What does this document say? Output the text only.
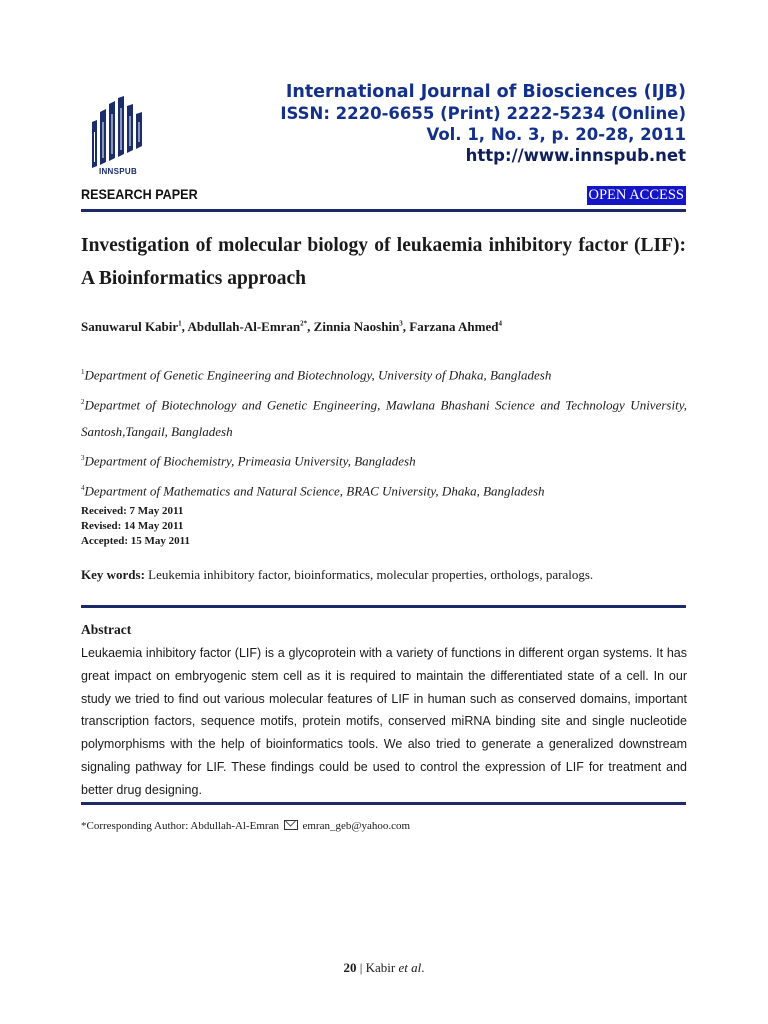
INNSPUB
International Journal of Biosciences (IJB)
ISSN: 2220-6655 (Print) 2222-5234 (Online)
Vol. 1, No. 3, p. 20-28, 2011
http://www.innspub.net
RESEARCH PAPER	OPEN ACCESS
Investigation of molecular biology of leukaemia inhibitory factor (LIF): A Bioinformatics approach
Sanuwarul Kabir$^1$, Abdullah-Al-Emran$^{2*}$, Zinnia Naoshin$^3$, Farzana Ahmed$^4$
$^1$Department of Genetic Engineering and Biotechnology, University of Dhaka, Bangladesh
$^2$Departmet of Biotechnology and Genetic Engineering, Mawlana Bhashani Science and Technology University, Santosh,Tangail, Bangladesh
$^3$Department of Biochemistry, Primeasia University, Bangladesh
$^4$Department of Mathematics and Natural Science, BRAC University, Dhaka, Bangladesh
Received: 7 May 2011
Revised: 14 May 2011
Accepted: 15 May 2011
Key words: Leukemia inhibitory factor, bioinformatics, molecular properties, orthologs, paralogs.
Abstract
Leukaemia inhibitory factor (LIF) is a glycoprotein with a variety of functions in different organ systems. It has great impact on embryogenic stem cell as it is required to maintain the differentiated state of a cell. In our study we tried to find out various molecular features of LIF in human such as conserved domains, important transcription factors, sequence motifs, protein motifs, conserved miRNA binding site and single nucleotide polymorphisms with the help of bioinformatics tools. We also tried to generate a generalized downstream signaling pathway for LIF. These findings could be used to control the expression of LIF for treatment and better drug designing.
*Corresponding Author: Abdullah-Al-Emran emran_geb@yahoo.com
20 | Kabir et al.
